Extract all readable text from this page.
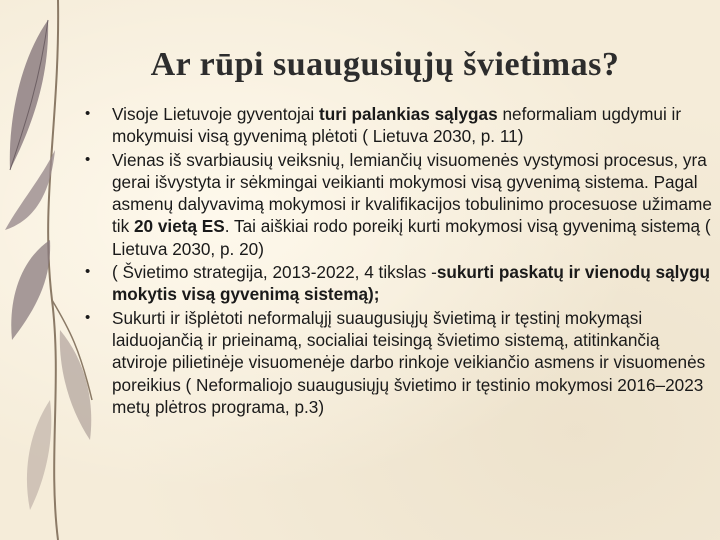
Ar rūpi suaugusiųjų švietimas?
• Visoje Lietuvoje gyventojai turi palankias sąlygas neformaliam ugdymui ir mokymuisi visą gyvenimą plėtoti ( Lietuva 2030, p. 11)
• Vienas iš svarbiausių veiksnių, lemiančių visuomenės vystymosi procesus, yra gerai išvystyta ir sėkmingai veikianti mokymosi visą gyvenimą sistema. Pagal asmenų dalyvavimą mokymosi ir kvalifikacijos tobulinimo procesuose užimame tik 20 vietą ES. Tai aiškiai rodo poreikį kurti mokymosi visą gyvenimą sistemą ( Lietuva 2030, p. 20)
• ( Švietimo strategija, 2013-2022, 4 tikslas -sukurti paskatų ir vienodų sąlygų mokytis visą gyvenimą sistemą);
• Sukurti ir išplėtoti neformalųjį suaugusiųjų švietimą ir tęstinį mokymąsi laiduojančią ir prieinamą, socialiai teisingą švietimo sistemą, atitinkančią atviroje pilietinėje visuomenėje darbo rinkoje veikiančio asmens ir visuomenės poreikius ( Neformaliojo suaugusiųjų švietimo ir tęstinio mokymosi 2016–2023 metų plėtros programa, p.3)
